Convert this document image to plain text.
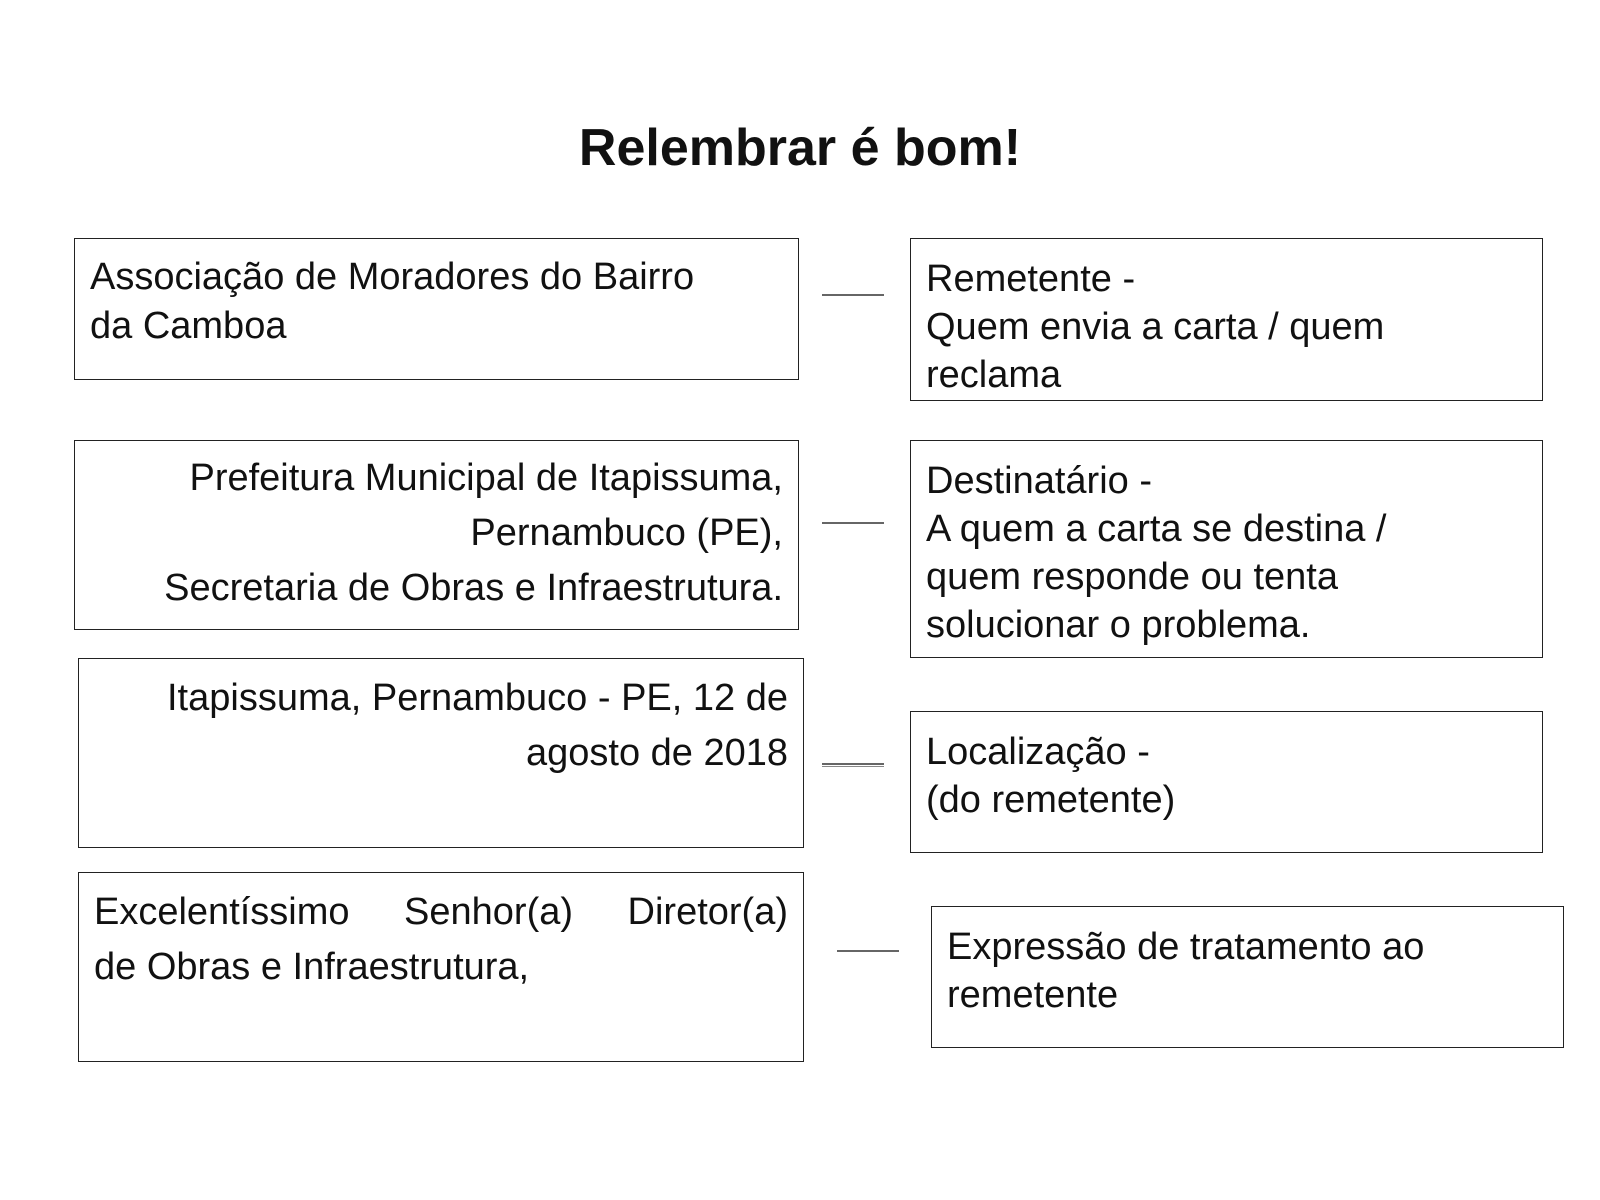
Relembrar é bom!
Associação de Moradores do Bairro
da Camboa
Prefeitura Municipal de Itapissuma,
Pernambuco (PE),
Secretaria de Obras e Infraestrutura.
Itapissuma, Pernambuco - PE, 12 de
agosto de 2018
Excelentíssimo Senhor(a) Diretor(a)
de Obras e Infraestrutura,
Remetente -
Quem envia a carta / quem
reclama
Destinatário -
A quem a carta se destina /
quem responde ou tenta
solucionar o problema.
Localização -
(do remetente)
Expressão de tratamento ao
remetente
